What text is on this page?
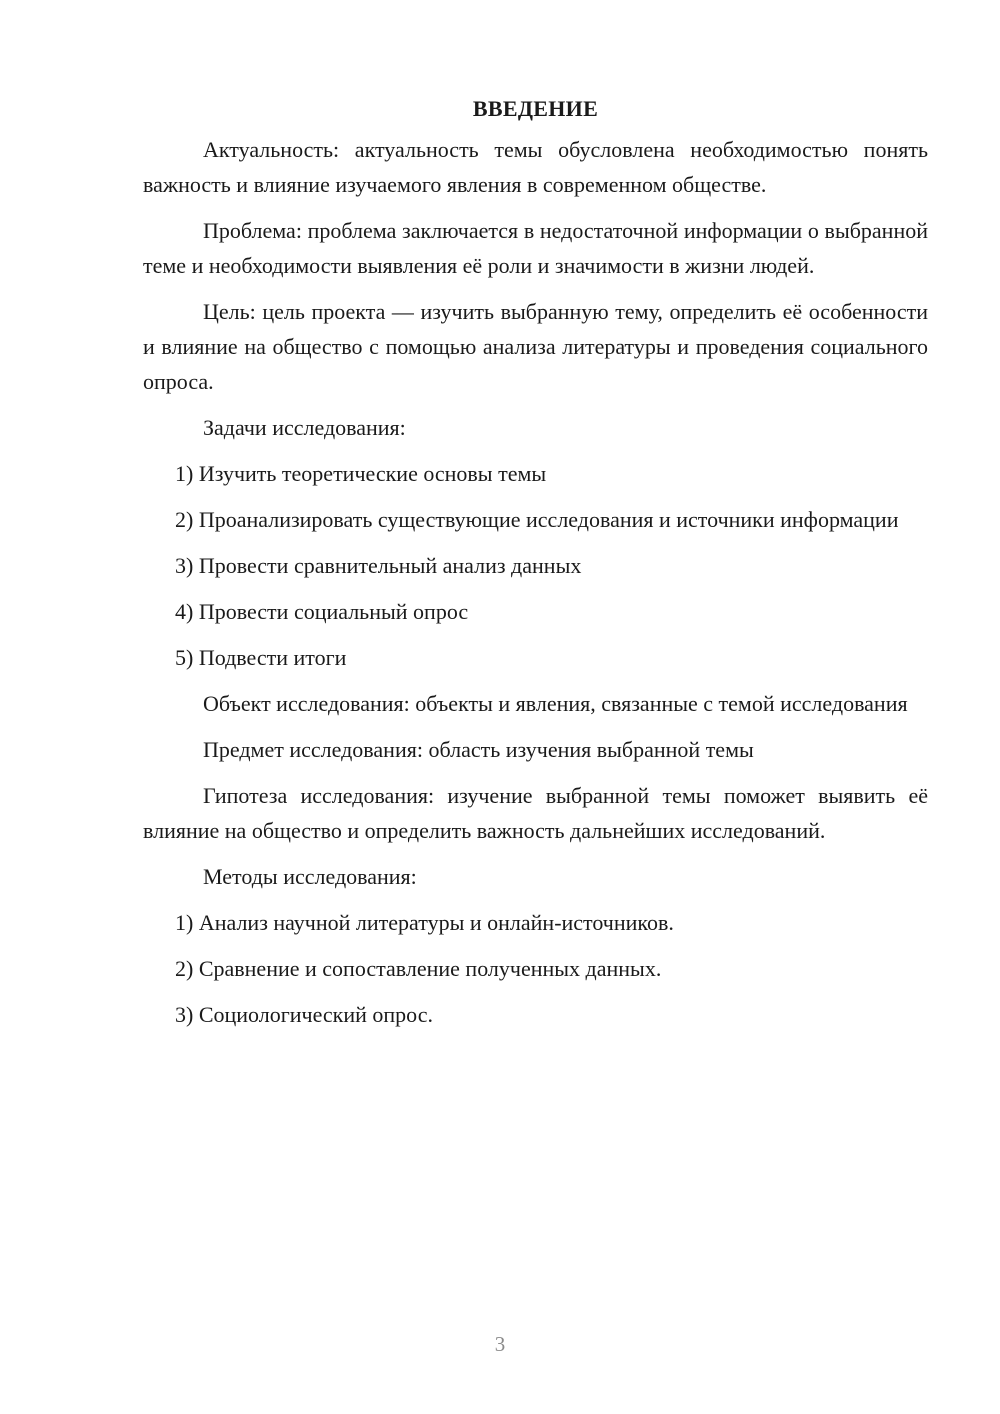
ВВЕДЕНИЕ

Актуальность: актуальность темы обусловлена необходимостью понять важность и влияние изучаемого явления в современном обществе.

Проблема: проблема заключается в недостаточной информации о выбранной теме и необходимости выявления её роли и значимости в жизни людей.

Цель: цель проекта — изучить выбранную тему, определить её особенности и влияние на общество с помощью анализа литературы и проведения социального опроса.

Задачи исследования:

1) Изучить теоретические основы темы

2) Проанализировать существующие исследования и источники информации

3) Провести сравнительный анализ данных

4) Провести социальный опрос

5) Подвести итоги

Объект исследования: объекты и явления, связанные с темой исследования

Предмет исследования: область изучения выбранной темы

Гипотеза исследования: изучение выбранной темы поможет выявить её влияние на общество и определить важность дальнейших исследований.

Методы исследования:

1) Анализ научной литературы и онлайн-источников.

2) Сравнение и сопоставление полученных данных.

3) Социологический опрос.

3
